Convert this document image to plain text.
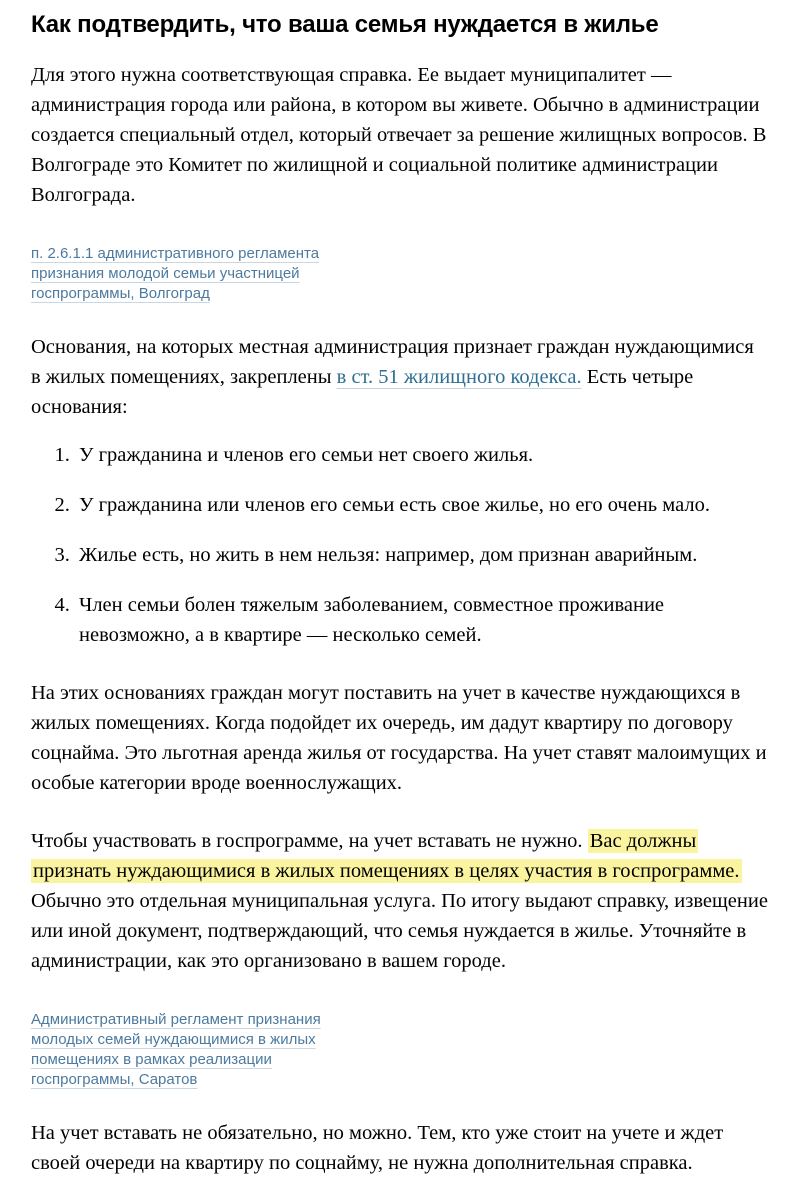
Как подтвердить, что ваша семья нуждается в жилье

Для этого нужна соответствующая справка. Ее выдает муниципалитет — администрация города или района, в котором вы живете. Обычно в администрации создается специальный отдел, который отвечает за решение жилищных вопросов. В Волгограде это Комитет по жилищной и социальной политике администрации Волгограда.

п. 2.6.1.1 административного регламента признания молодой семьи участницей госпрограммы, Волгоград

Основания, на которых местная администрация признает граждан нуждающимися в жилых помещениях, закреплены в ст. 51 жилищного кодекса. Есть четыре основания:

1. У гражданина и членов его семьи нет своего жилья.
2. У гражданина или членов его семьи есть свое жилье, но его очень мало.
3. Жилье есть, но жить в нем нельзя: например, дом признан аварийным.
4. Член семьи болен тяжелым заболеванием, совместное проживание невозможно, а в квартире — несколько семей.

На этих основаниях граждан могут поставить на учет в качестве нуждающихся в жилых помещениях. Когда подойдет их очередь, им дадут квартиру по договору соцнайма. Это льготная аренда жилья от государства. На учет ставят малоимущих и особые категории вроде военнослужащих.

Чтобы участвовать в госпрограмме, на учет вставать не нужно. Вас должны признать нуждающимися в жилых помещениях в целях участия в госпрограмме. Обычно это отдельная муниципальная услуга. По итогу выдают справку, извещение или иной документ, подтверждающий, что семья нуждается в жилье. Уточняйте в администрации, как это организовано в вашем городе.

Административный регламент признания молодых семей нуждающимися в жилых помещениях в рамках реализации госпрограммы, Саратов

На учет вставать не обязательно, но можно. Тем, кто уже стоит на учете и ждет своей очереди на квартиру по соцнайму, не нужна дополнительная справка.
